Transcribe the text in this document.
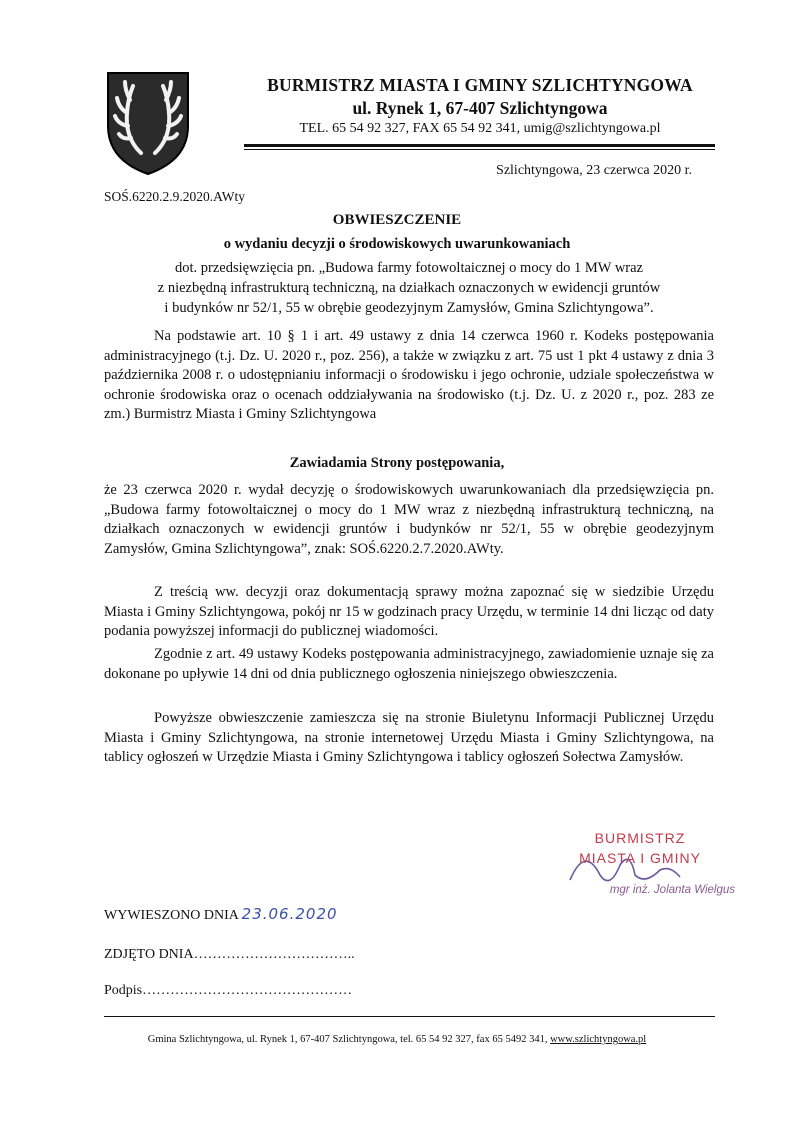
BURMISTRZ MIASTA I GMINY SZLICHTYNGOWA
ul. Rynek 1, 67-407 Szlichtyngowa
TEL. 65 54 92 327, FAX 65 54 92 341, umig@szlichtyngowa.pl
Szlichtyngowa, 23 czerwca 2020 r.
SOŚ.6220.2.9.2020.AWty
OBWIESZCZENIE
o wydaniu decyzji o środowiskowych uwarunkowaniach
dot. przedsięwzięcia pn. „Budowa farmy fotowoltaicznej o mocy do 1 MW wraz
z niezbędną infrastrukturą techniczną, na działkach oznaczonych w ewidencji gruntów
i budynków nr 52/1, 55 w obrębie geodezyjnym Zamysłów, Gmina Szlichtyngowa”.
Na podstawie art. 10 § 1 i art. 49 ustawy z dnia 14 czerwca 1960 r. Kodeks postępowania administracyjnego (t.j. Dz. U. 2020 r., poz. 256), a także w związku z art. 75 ust 1 pkt 4 ustawy z dnia 3 października 2008 r. o udostępnianiu informacji o środowisku i jego ochronie, udziale społeczeństwa w ochronie środowiska oraz o ocenach oddziaływania na środowisko (t.j. Dz. U. z 2020 r., poz. 283 ze zm.) Burmistrz Miasta i Gminy Szlichtyngowa
Zawiadamia Strony postępowania,
że 23 czerwca 2020 r. wydał decyzję o środowiskowych uwarunkowaniach dla przedsięwzięcia pn. „Budowa farmy fotowoltaicznej o mocy do 1 MW wraz z niezbędną infrastrukturą techniczną, na działkach oznaczonych w ewidencji gruntów i budynków nr 52/1, 55 w obrębie geodezyjnym Zamysłów, Gmina Szlichtyngowa”, znak: SOŚ.6220.2.7.2020.AWty.
Z treścią ww. decyzji oraz dokumentacją sprawy można zapoznać się w siedzibie Urzędu Miasta i Gminy Szlichtyngowa, pokój nr 15 w godzinach pracy Urzędu, w terminie 14 dni licząc od daty podania powyższej informacji do publicznej wiadomości.
Zgodnie z art. 49 ustawy Kodeks postępowania administracyjnego, zawiadomienie uznaje się za dokonane po upływie 14 dni od dnia publicznego ogłoszenia niniejszego obwieszczenia.
Powyższe obwieszczenie zamieszcza się na stronie Biuletynu Informacji Publicznej Urzędu Miasta i Gminy Szlichtyngowa, na stronie internetowej Urzędu Miasta i Gminy Szlichtyngowa, na tablicy ogłoszeń w Urzędzie Miasta i Gminy Szlichtyngowa i tablicy ogłoszeń Sołectwa Zamysłów.
BURMISTRZ
MIASTA I GMINY
mgr inż. Jolanta Wielgus
WYWIESZONO DNIA 23.06.2020
ZDJĘTO DNIA……………………………..
Podpis………………………………………
Gmina Szlichtyngowa, ul. Rynek 1, 67-407 Szlichtyngowa, tel. 65 54 92 327, fax 65 5492 341, www.szlichtyngowa.pl
